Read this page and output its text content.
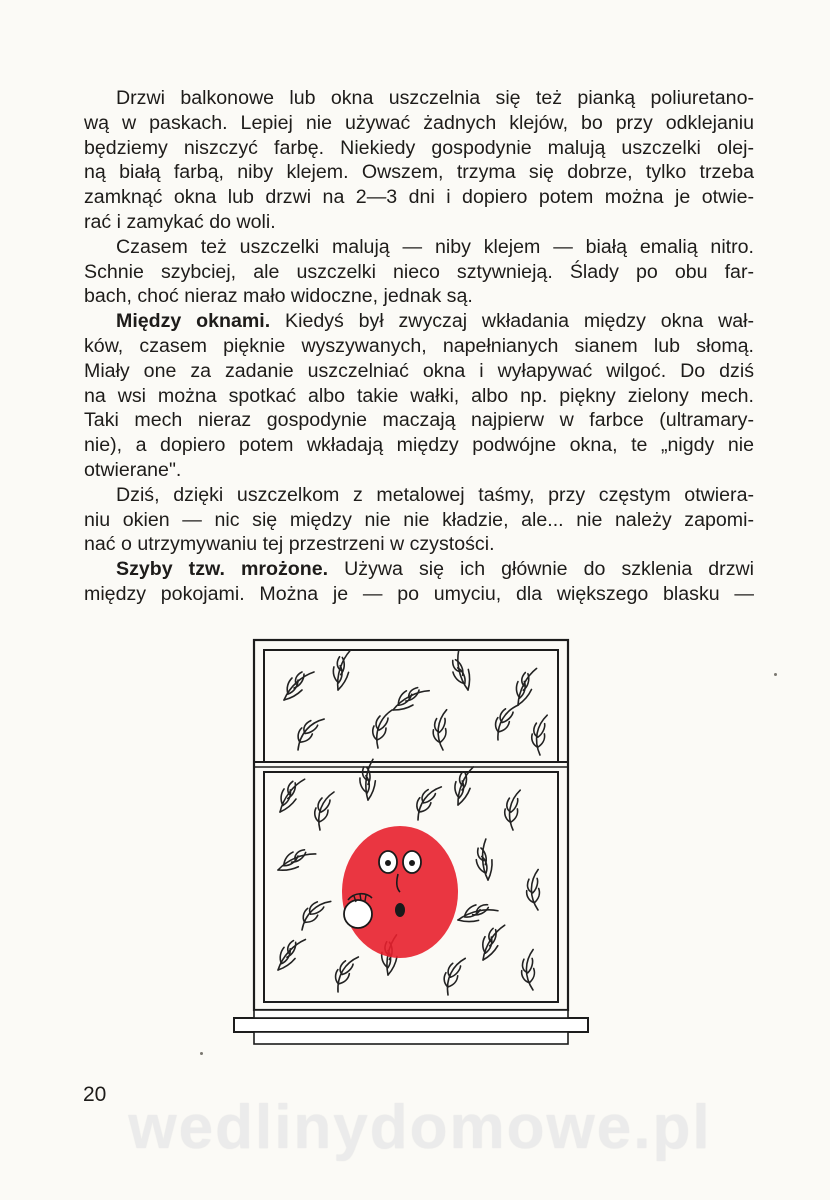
Drzwi balkonowe lub okna uszczelnia się też pianką poliuretano-
wą w paskach. Lepiej nie używać żadnych klejów, bo przy odklejaniu
będziemy niszczyć farbę. Niekiedy gospodynie malują uszczelki olej-
ną białą farbą, niby klejem. Owszem, trzyma się dobrze, tylko trzeba
zamknąć okna lub drzwi na 2—3 dni i dopiero potem można je otwie-
rać i zamykać do woli.
Czasem też uszczelki malują — niby klejem — białą emalią nitro.
Schnie szybciej, ale uszczelki nieco sztywnieją. Ślady po obu far-
bach, choć nieraz mało widoczne, jednak są.
Między oknami. Kiedyś był zwyczaj wkładania między okna wał-
ków, czasem pięknie wyszywanych, napełnianych sianem lub słomą.
Miały one za zadanie uszczelniać okna i wyłapywać wilgoć. Do dziś
na wsi można spotkać albo takie wałki, albo np. piękny zielony mech.
Taki mech nieraz gospodynie maczają najpierw w farbce (ultramary-
nie), a dopiero potem wkładają między podwójne okna, te „nigdy nie
otwierane".
Dziś, dzięki uszczelkom z metalowej taśmy, przy częstym otwiera-
niu okien — nic się między nie nie kładzie, ale... nie należy zapomi-
nać o utrzymywaniu tej przestrzeni w czystości.
Szyby tzw. mrożone. Używa się ich głównie do szklenia drzwi
między pokojami. Można je — po umyciu, dla większego blasku —
20 wedlinydomowe.pl
